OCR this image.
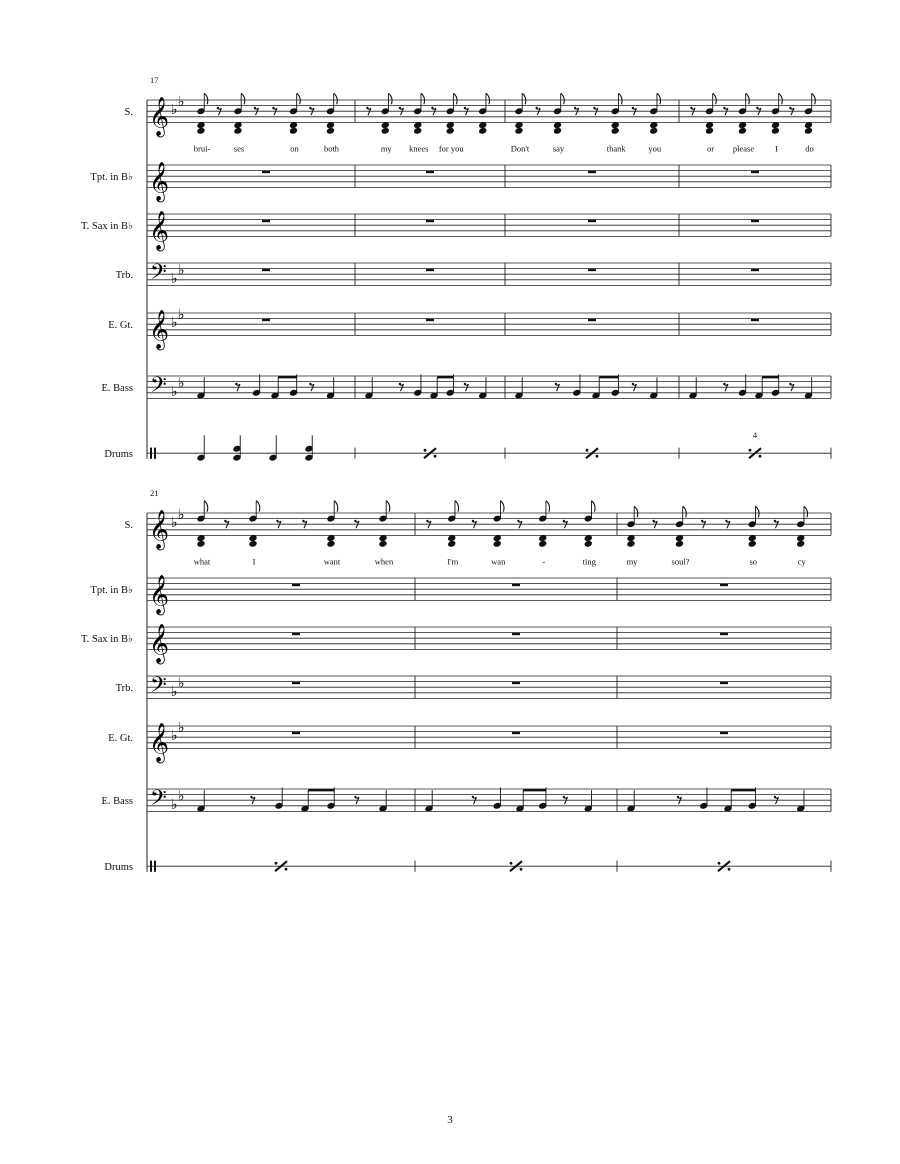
17
S. 𝄞 ♭
♭
brui-	ses	on	both	my knees for you	Don't	say	thank	you	or please I	do
Tpt. in B♭ 𝄞
T. Sax in B♭ 𝄞
Trb. 𝄢 ♭
♭
E. Gt. 𝄞 ♭
♭
E. Bass 𝄢 ♭
♭
Drums
4
21
S. 𝄞 ♭
♭
what	I	want	when	I'm	wan	-	ting	my	soul?	so	cy
Tpt. in B♭ 𝄞
T. Sax in B♭ 𝄞
Trb. 𝄢 ♭
♭
E. Gt. 𝄞 ♭
♭
E. Bass 𝄢 ♭
♭
Drums
3
